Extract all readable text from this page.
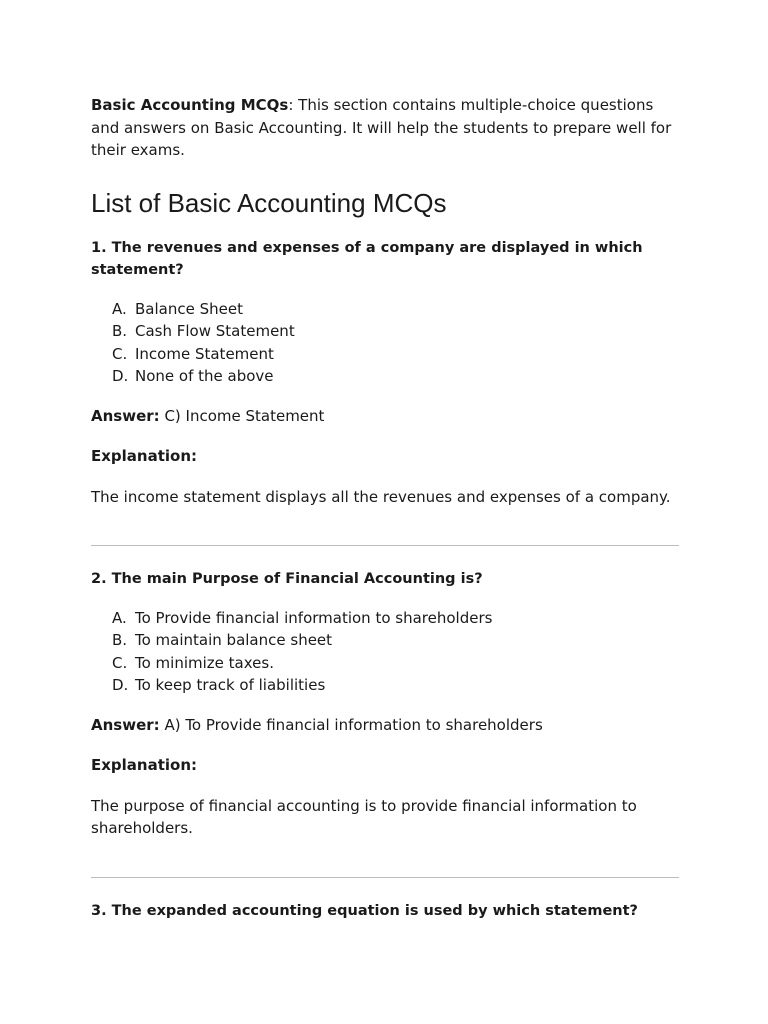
Basic Accounting MCQs: This section contains multiple-choice questions and answers on Basic Accounting. It will help the students to prepare well for their exams.

List of Basic Accounting MCQs

1. The revenues and expenses of a company are displayed in which statement?

A. Balance Sheet
B. Cash Flow Statement
C. Income Statement
D. None of the above

Answer: C) Income Statement

Explanation:

The income statement displays all the revenues and expenses of a company.

2. The main Purpose of Financial Accounting is?

A. To Provide financial information to shareholders
B. To maintain balance sheet
C. To minimize taxes.
D. To keep track of liabilities

Answer: A) To Provide financial information to shareholders

Explanation:

The purpose of financial accounting is to provide financial information to shareholders.

3. The expanded accounting equation is used by which statement?
